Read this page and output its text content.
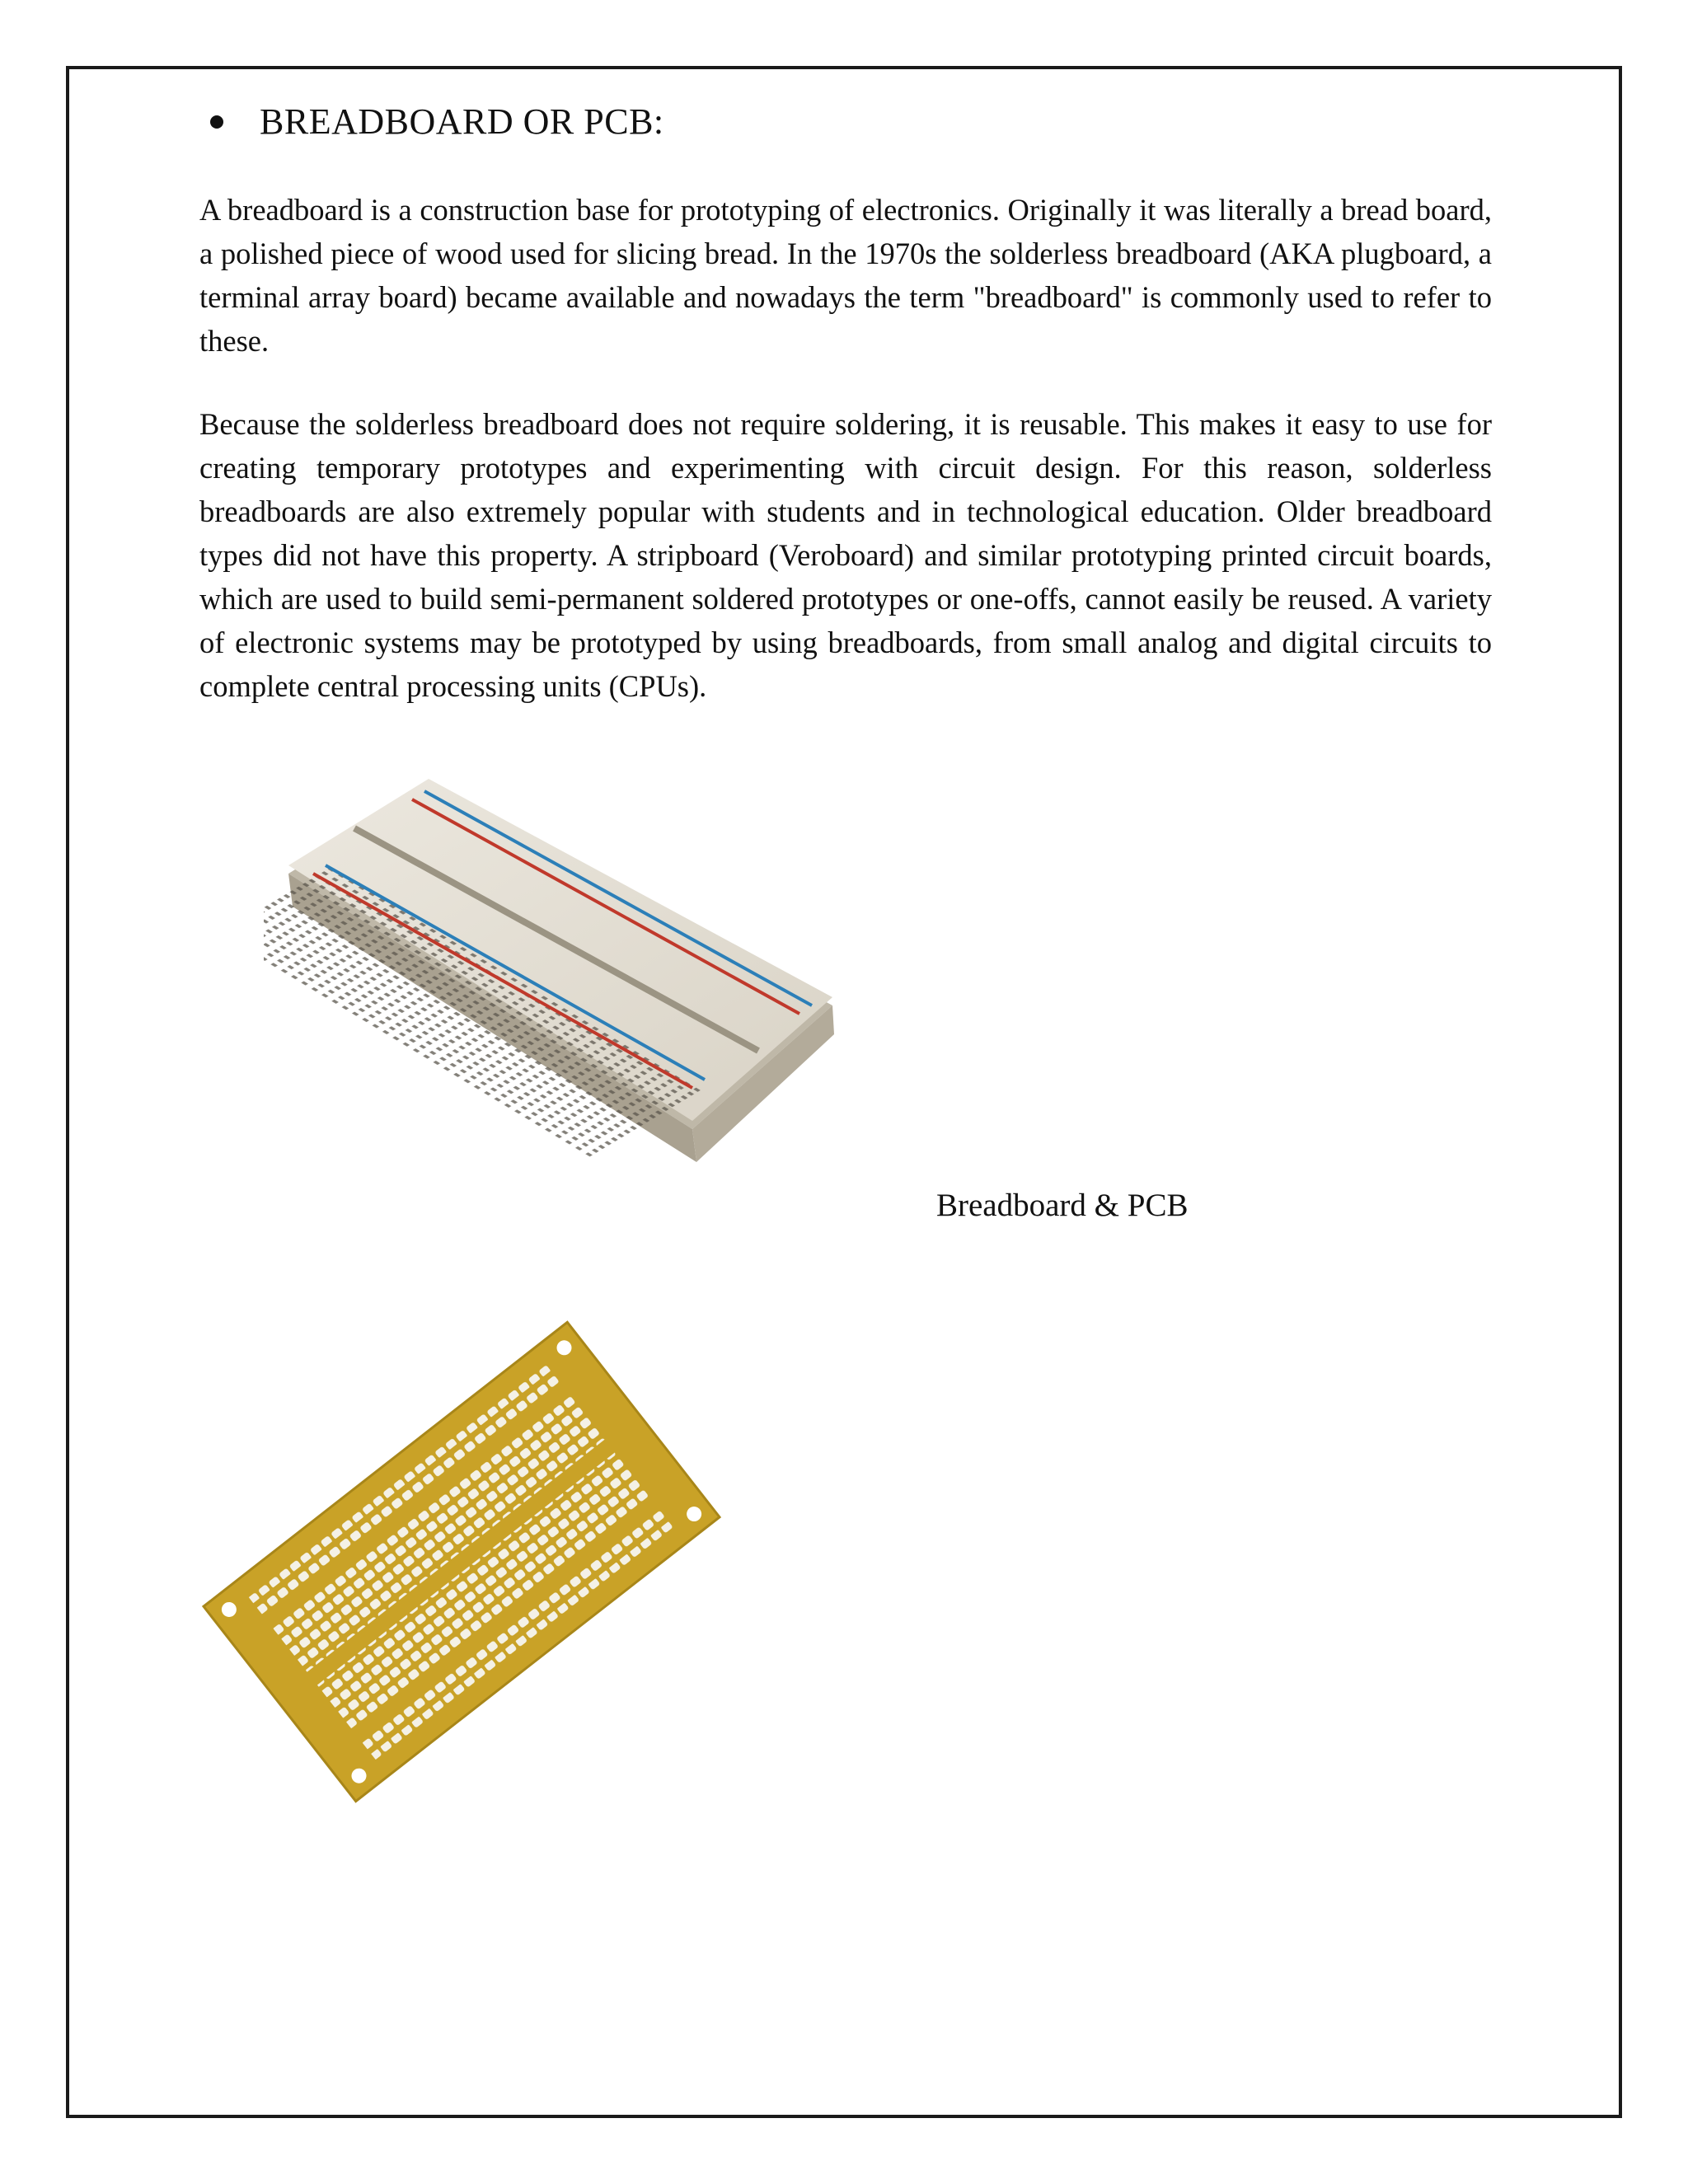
BREADBOARD OR PCB:
A breadboard is a construction base for prototyping of electronics. Originally it was literally a bread board, a polished piece of wood used for slicing bread. In the 1970s the solderless breadboard (AKA plugboard, a terminal array board) became available and nowadays the term "breadboard" is commonly used to refer to these.
Because the solderless breadboard does not require soldering, it is reusable. This makes it easy to use for creating temporary prototypes and experimenting with circuit design. For this reason, solderless breadboards are also extremely popular with students and in technological education. Older breadboard types did not have this property. A stripboard (Veroboard) and similar prototyping printed circuit boards, which are used to build semi-permanent soldered prototypes or one-offs, cannot easily be reused. A variety of electronic systems may be prototyped by using breadboards, from small analog and digital circuits to complete central processing units (CPUs).
Breadboard & PCB
